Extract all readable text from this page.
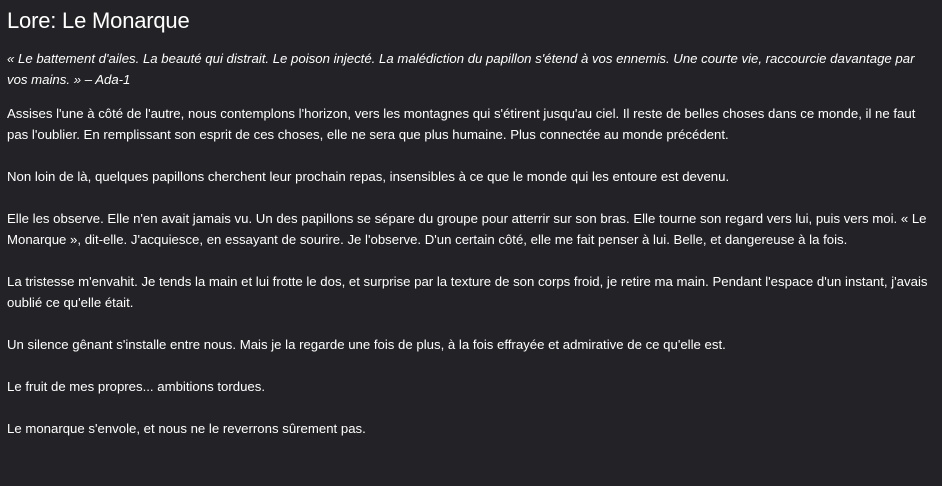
Lore: Le Monarque

« Le battement d'ailes. La beauté qui distrait. Le poison injecté. La malédiction du papillon s'étend à vos ennemis. Une courte vie, raccourcie davantage par vos mains. » – Ada-1

Assises l'une à côté de l'autre, nous contemplons l'horizon, vers les montagnes qui s'étirent jusqu'au ciel. Il reste de belles choses dans ce monde, il ne faut pas l'oublier. En remplissant son esprit de ces choses, elle ne sera que plus humaine. Plus connectée au monde précédent.

Non loin de là, quelques papillons cherchent leur prochain repas, insensibles à ce que le monde qui les entoure est devenu.

Elle les observe. Elle n'en avait jamais vu. Un des papillons se sépare du groupe pour atterrir sur son bras. Elle tourne son regard vers lui, puis vers moi. « Le Monarque », dit-elle. J'acquiesce, en essayant de sourire. Je l'observe. D'un certain côté, elle me fait penser à lui. Belle, et dangereuse à la fois.

La tristesse m'envahit. Je tends la main et lui frotte le dos, et surprise par la texture de son corps froid, je retire ma main. Pendant l'espace d'un instant, j'avais oublié ce qu'elle était.

Un silence gênant s'installe entre nous. Mais je la regarde une fois de plus, à la fois effrayée et admirative de ce qu'elle est.

Le fruit de mes propres... ambitions tordues.

Le monarque s'envole, et nous ne le reverrons sûrement pas.
